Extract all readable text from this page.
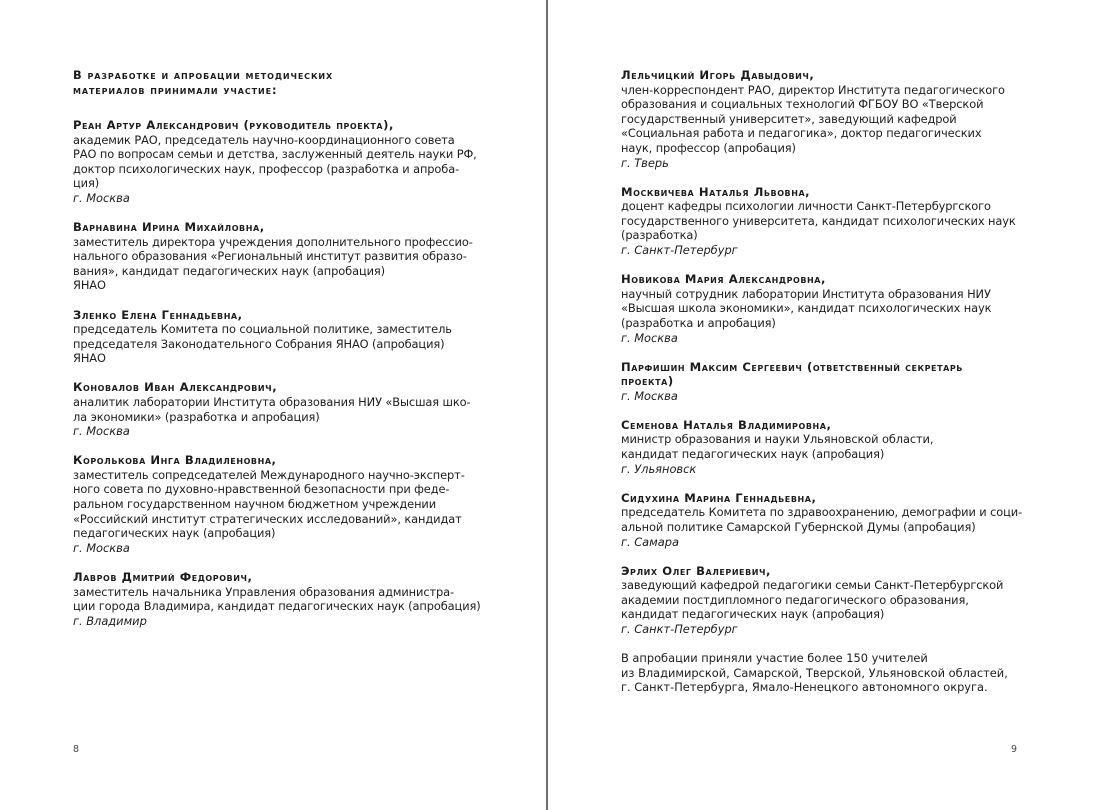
В разработке и апробации методических
материалов принимали участие:
Реан Артур Александрович (руководитель проекта),
академик РАО, председатель научно-координационного совета
РАО по вопросам семьи и детства, заслуженный деятель науки РФ,
доктор психологических наук, профессор (разработка и апроба-
ция)
г. Москва
Варнавина Ирина Михайловна,
заместитель директора учреждения дополнительного профессио-
нального образования «Региональный институт развития образо-
вания», кандидат педагогических наук (апробация)
ЯНАО
Зленко Елена Геннадьевна,
председатель Комитета по социальной политике, заместитель
председателя Законодательного Собрания ЯНАО (апробация)
ЯНАО
Коновалов Иван Александрович,
аналитик лаборатории Института образования НИУ «Высшая шко-
ла экономики» (разработка и апробация)
г. Москва
Королькова Инга Владиленовна,
заместитель сопредседателей Международного научно-эксперт-
ного совета по духовно-нравственной безопасности при феде-
ральном государственном научном бюджетном учреждении
«Российский институт стратегических исследований», кандидат
педагогических наук (апробация)
г. Москва
Лавров Дмитрий Федорович,
заместитель начальника Управления образования администра-
ции города Владимира, кандидат педагогических наук (апробация)
г. Владимир
8
Лельчицкий Игорь Давыдович,
член-корреспондент РАО, директор Института педагогического
образования и социальных технологий ФГБОУ ВО «Тверской
государственный университет», заведующий кафедрой
«Социальная работа и педагогика», доктор педагогических
наук, профессор (апробация)
г. Тверь
Москвичева Наталья Львовна,
доцент кафедры психологии личности Санкт-Петербургского
государственного университета, кандидат психологических наук
(разработка)
г. Санкт-Петербург
Новикова Мария Александровна,
научный сотрудник лаборатории Института образования НИУ
«Высшая школа экономики», кандидат психологических наук
(разработка и апробация)
г. Москва
Парфишин Максим Сергеевич (ответственный секретарь
проекта)
г. Москва
Семенова Наталья Владимировна,
министр образования и науки Ульяновской области,
кандидат педагогических наук (апробация)
г. Ульяновск
Сидухина Марина Геннадьевна,
председатель Комитета по здравоохранению, демографии и соци-
альной политике Самарской Губернской Думы (апробация)
г. Самара
Эрлих Олег Валериевич,
заведующий кафедрой педагогики семьи Санкт-Петербургской
академии постдипломного педагогического образования,
кандидат педагогических наук (апробация)
г. Санкт-Петербург
В апробации приняли участие более 150 учителей
из Владимирской, Самарской, Тверской, Ульяновской областей,
г. Санкт-Петербурга, Ямало-Ненецкого автономного округа.
9
